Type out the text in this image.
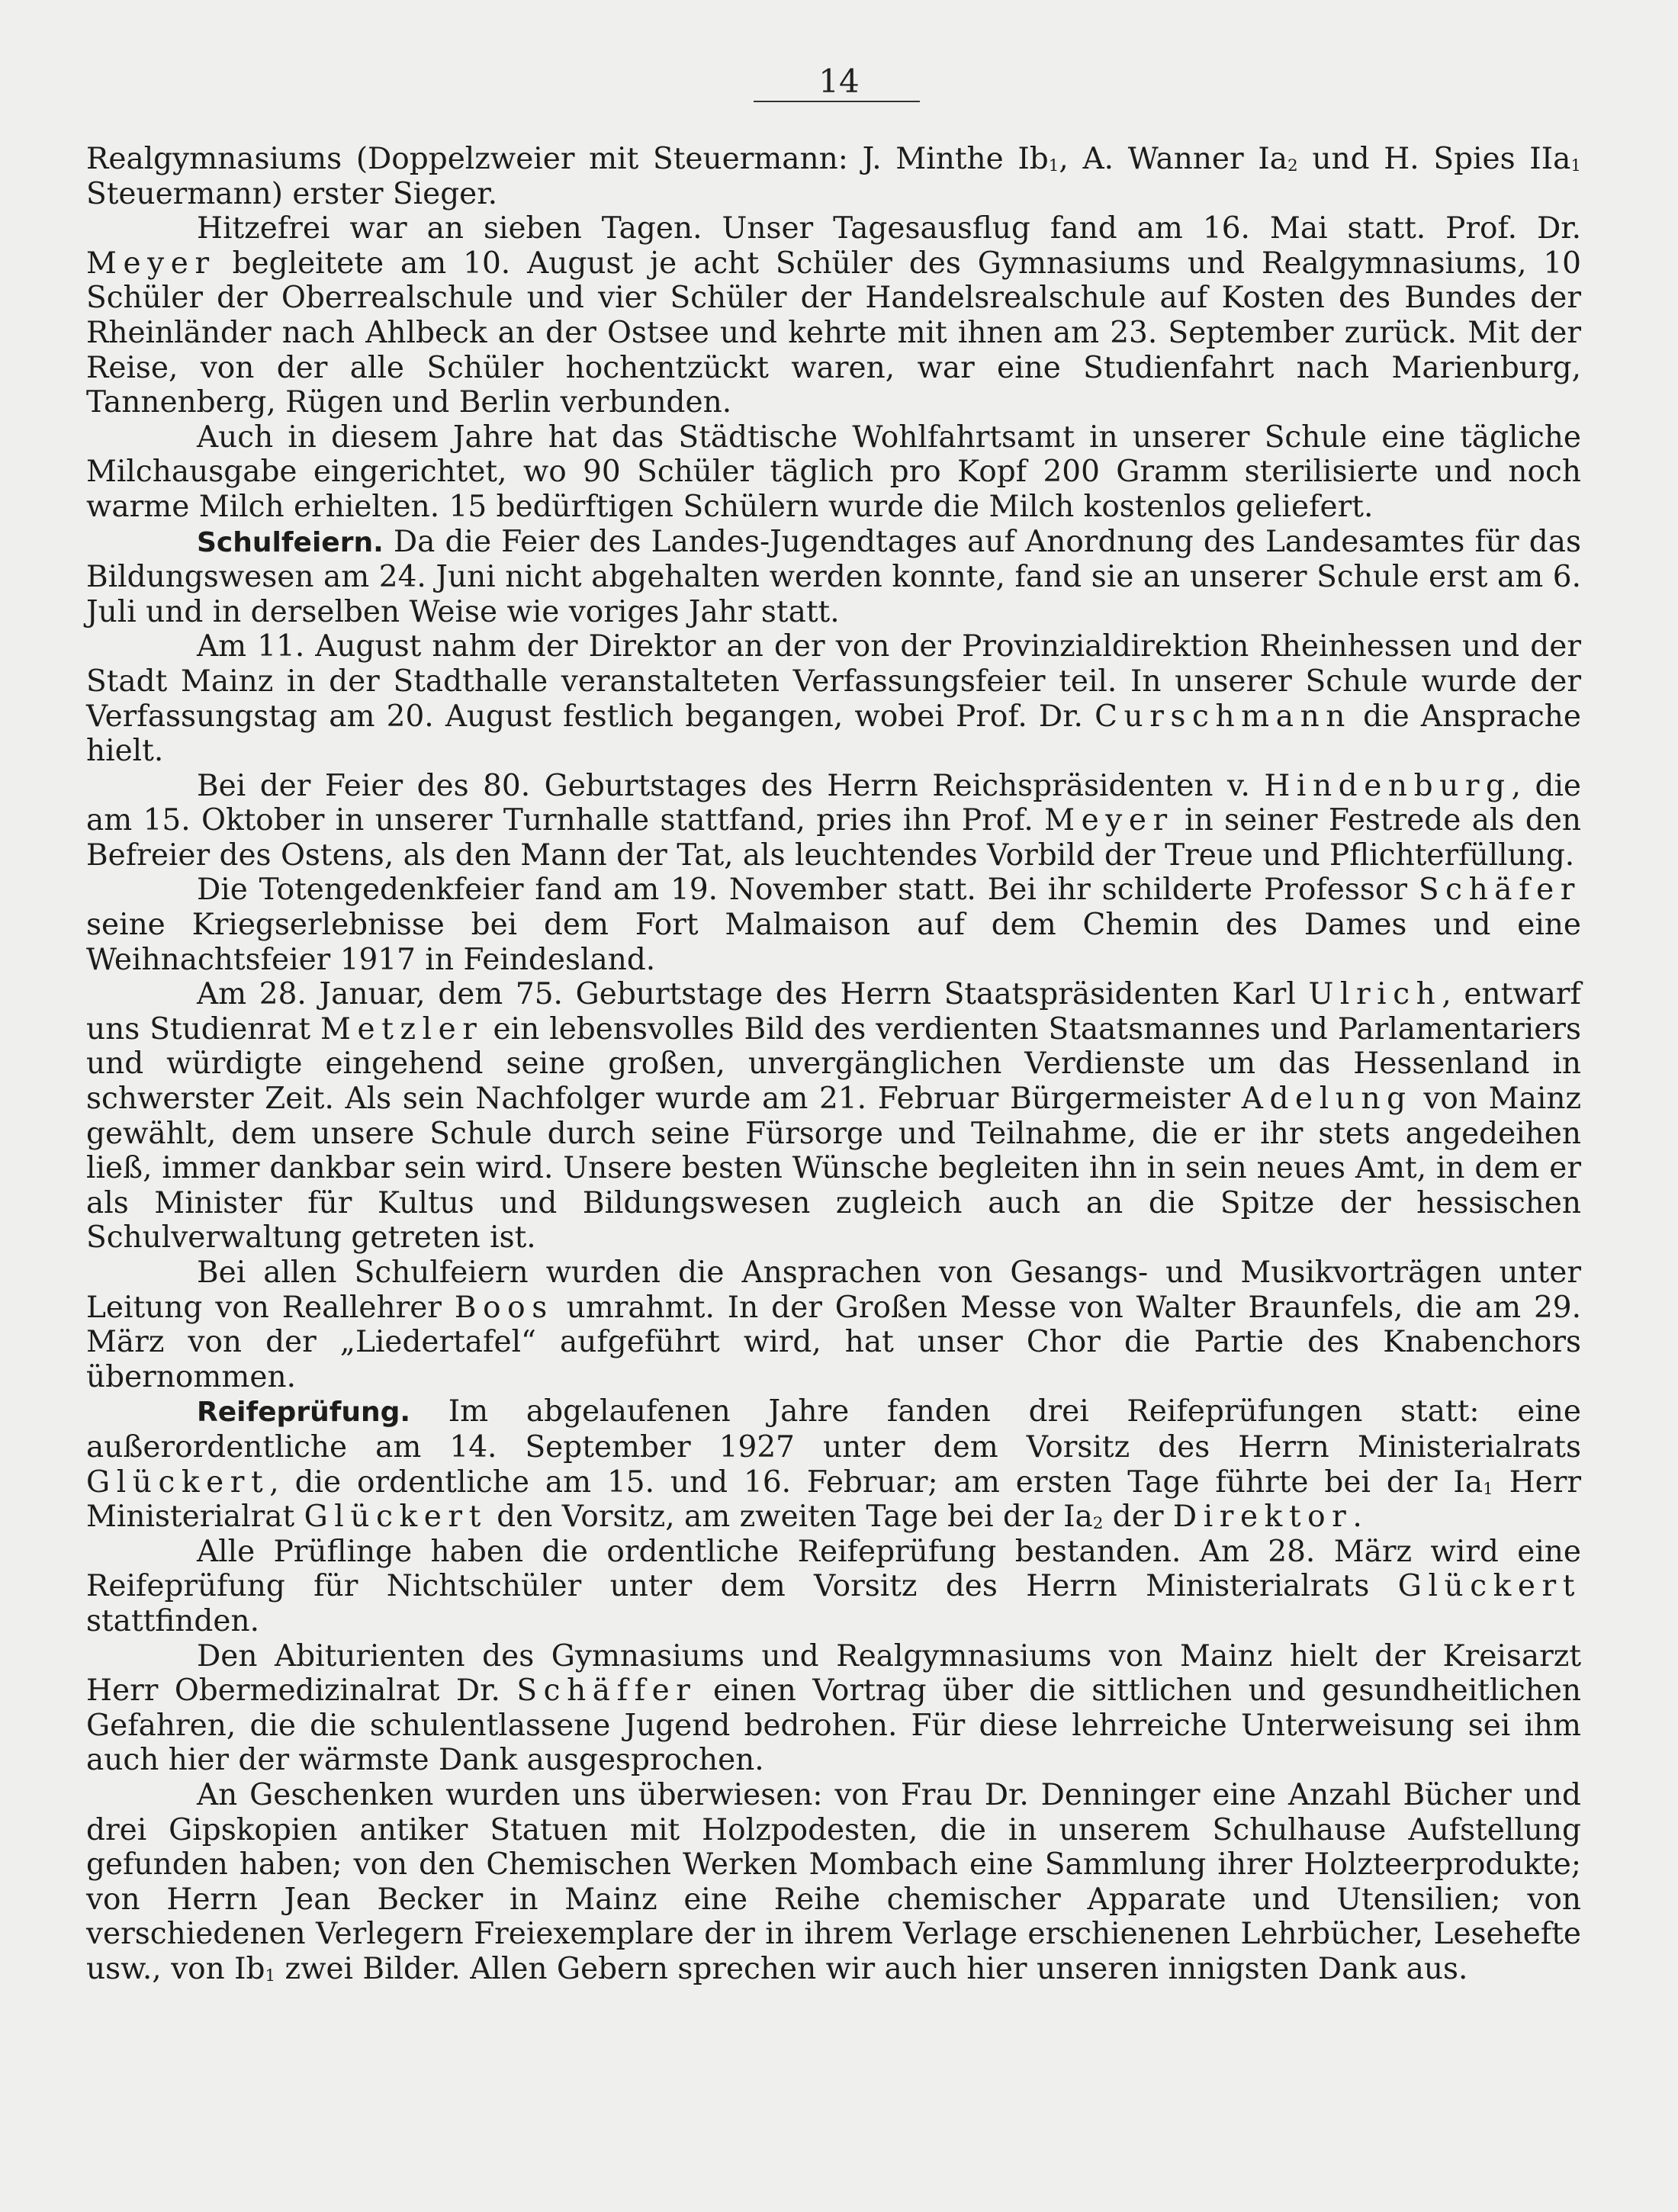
14

Realgymnasiums (Doppelzweier mit Steuermann: J. Minthe $Ib_1$, A. Wanner $Ia_2$ und H. Spies IIa$_1$ Steuermann) erster Sieger.

Hitzefrei war an sieben Tagen. Unser Tagesausflug fand am 16. Mai statt. Prof. Dr. Meyer begleitete am 10. August je acht Schüler des Gymnasiums und Realgymnasiums, 10 Schüler der Oberrealschule und vier Schüler der Handelsrealschule auf Kosten des Bundes der Rheinländer nach Ahlbeck an der Ostsee und kehrte mit ihnen am 23. September zurück. Mit der Reise, von der alle Schüler hochentzückt waren, war eine Studienfahrt nach Marienburg, Tannenberg, Rügen und Berlin verbunden.

Auch in diesem Jahre hat das Städtische Wohlfahrtsamt in unserer Schule eine tägliche Milchausgabe eingerichtet, wo 90 Schüler täglich pro Kopf 200 Gramm sterilisierte und noch warme Milch erhielten. 15 bedürftigen Schülern wurde die Milch kostenlos geliefert.

Schulfeiern. Da die Feier des Landes-Jugendtages auf Anordnung des Landesamtes für das Bildungswesen am 24. Juni nicht abgehalten werden konnte, fand sie an unserer Schule erst am 6. Juli und in derselben Weise wie voriges Jahr statt.

Am 11. August nahm der Direktor an der von der Provinzialdirektion Rheinhessen und der Stadt Mainz in der Stadthalle veranstalteten Verfassungsfeier teil. In unserer Schule wurde der Verfassungstag am 20. August festlich begangen, wobei Prof. Dr. Curschmann die Ansprache hielt.

Bei der Feier des 80. Geburtstages des Herrn Reichspräsidenten v. Hindenburg, die am 15. Oktober in unserer Turnhalle stattfand, pries ihn Prof. Meyer in seiner Festrede als den Befreier des Ostens, als den Mann der Tat, als leuchtendes Vorbild der Treue und Pflichterfüllung.

Die Totengedenkfeier fand am 19. November statt. Bei ihr schilderte Professor Schäfer seine Kriegserlebnisse bei dem Fort Malmaison auf dem Chemin des Dames und eine Weihnachtsfeier 1917 in Feindesland.

Am 28. Januar, dem 75. Geburtstage des Herrn Staatspräsidenten Karl Ulrich, entwarf uns Studienrat Metzler ein lebensvolles Bild des verdienten Staatsmannes und Parlamentariers und würdigte eingehend seine großen, unvergänglichen Verdienste um das Hessenland in schwerster Zeit. Als sein Nachfolger wurde am 21. Februar Bürgermeister Adelung von Mainz gewählt, dem unsere Schule durch seine Fürsorge und Teilnahme, die er ihr stets angedeihen ließ, immer dankbar sein wird. Unsere besten Wünsche begleiten ihn in sein neues Amt, in dem er als Minister für Kultus und Bildungswesen zugleich auch an die Spitze der hessischen Schulverwaltung getreten ist.

Bei allen Schulfeiern wurden die Ansprachen von Gesangs- und Musikvorträgen unter Leitung von Reallehrer Boos umrahmt. In der Großen Messe von Walter Braunfels, die am 29. März von der „Liedertafel“ aufgeführt wird, hat unser Chor die Partie des Knabenchors übernommen.

Reifeprüfung. Im abgelaufenen Jahre fanden drei Reifeprüfungen statt: eine außerordentliche am 14. September 1927 unter dem Vorsitz des Herrn Ministerialrats Glückert, die ordentliche am 15. und 16. Februar; am ersten Tage führte bei der $Ia_1$ Herr Ministerialrat Glückert den Vorsitz, am zweiten Tage bei der $Ia_2$ der Direktor.

Alle Prüflinge haben die ordentliche Reifeprüfung bestanden. Am 28. März wird eine Reifeprüfung für Nichtschüler unter dem Vorsitz des Herrn Ministerialrats Glückert stattfinden.

Den Abiturienten des Gymnasiums und Realgymnasiums von Mainz hielt der Kreisarzt Herr Obermedizinalrat Dr. Schäffer einen Vortrag über die sittlichen und gesundheitlichen Gefahren, die die schulentlassene Jugend bedrohen. Für diese lehrreiche Unterweisung sei ihm auch hier der wärmste Dank ausgesprochen.

An Geschenken wurden uns überwiesen: von Frau Dr. Denninger eine Anzahl Bücher und drei Gipskopien antiker Statuen mit Holzpodesten, die in unserem Schulhause Aufstellung gefunden haben; von den Chemischen Werken Mombach eine Sammlung ihrer Holzteerprodukte; von Herrn Jean Becker in Mainz eine Reihe chemischer Apparate und Utensilien; von verschiedenen Verlegern Freiexemplare der in ihrem Verlage erschienenen Lehrbücher, Lesehefte usw., von $Ib_1$ zwei Bilder. Allen Gebern sprechen wir auch hier unseren innigsten Dank aus.
